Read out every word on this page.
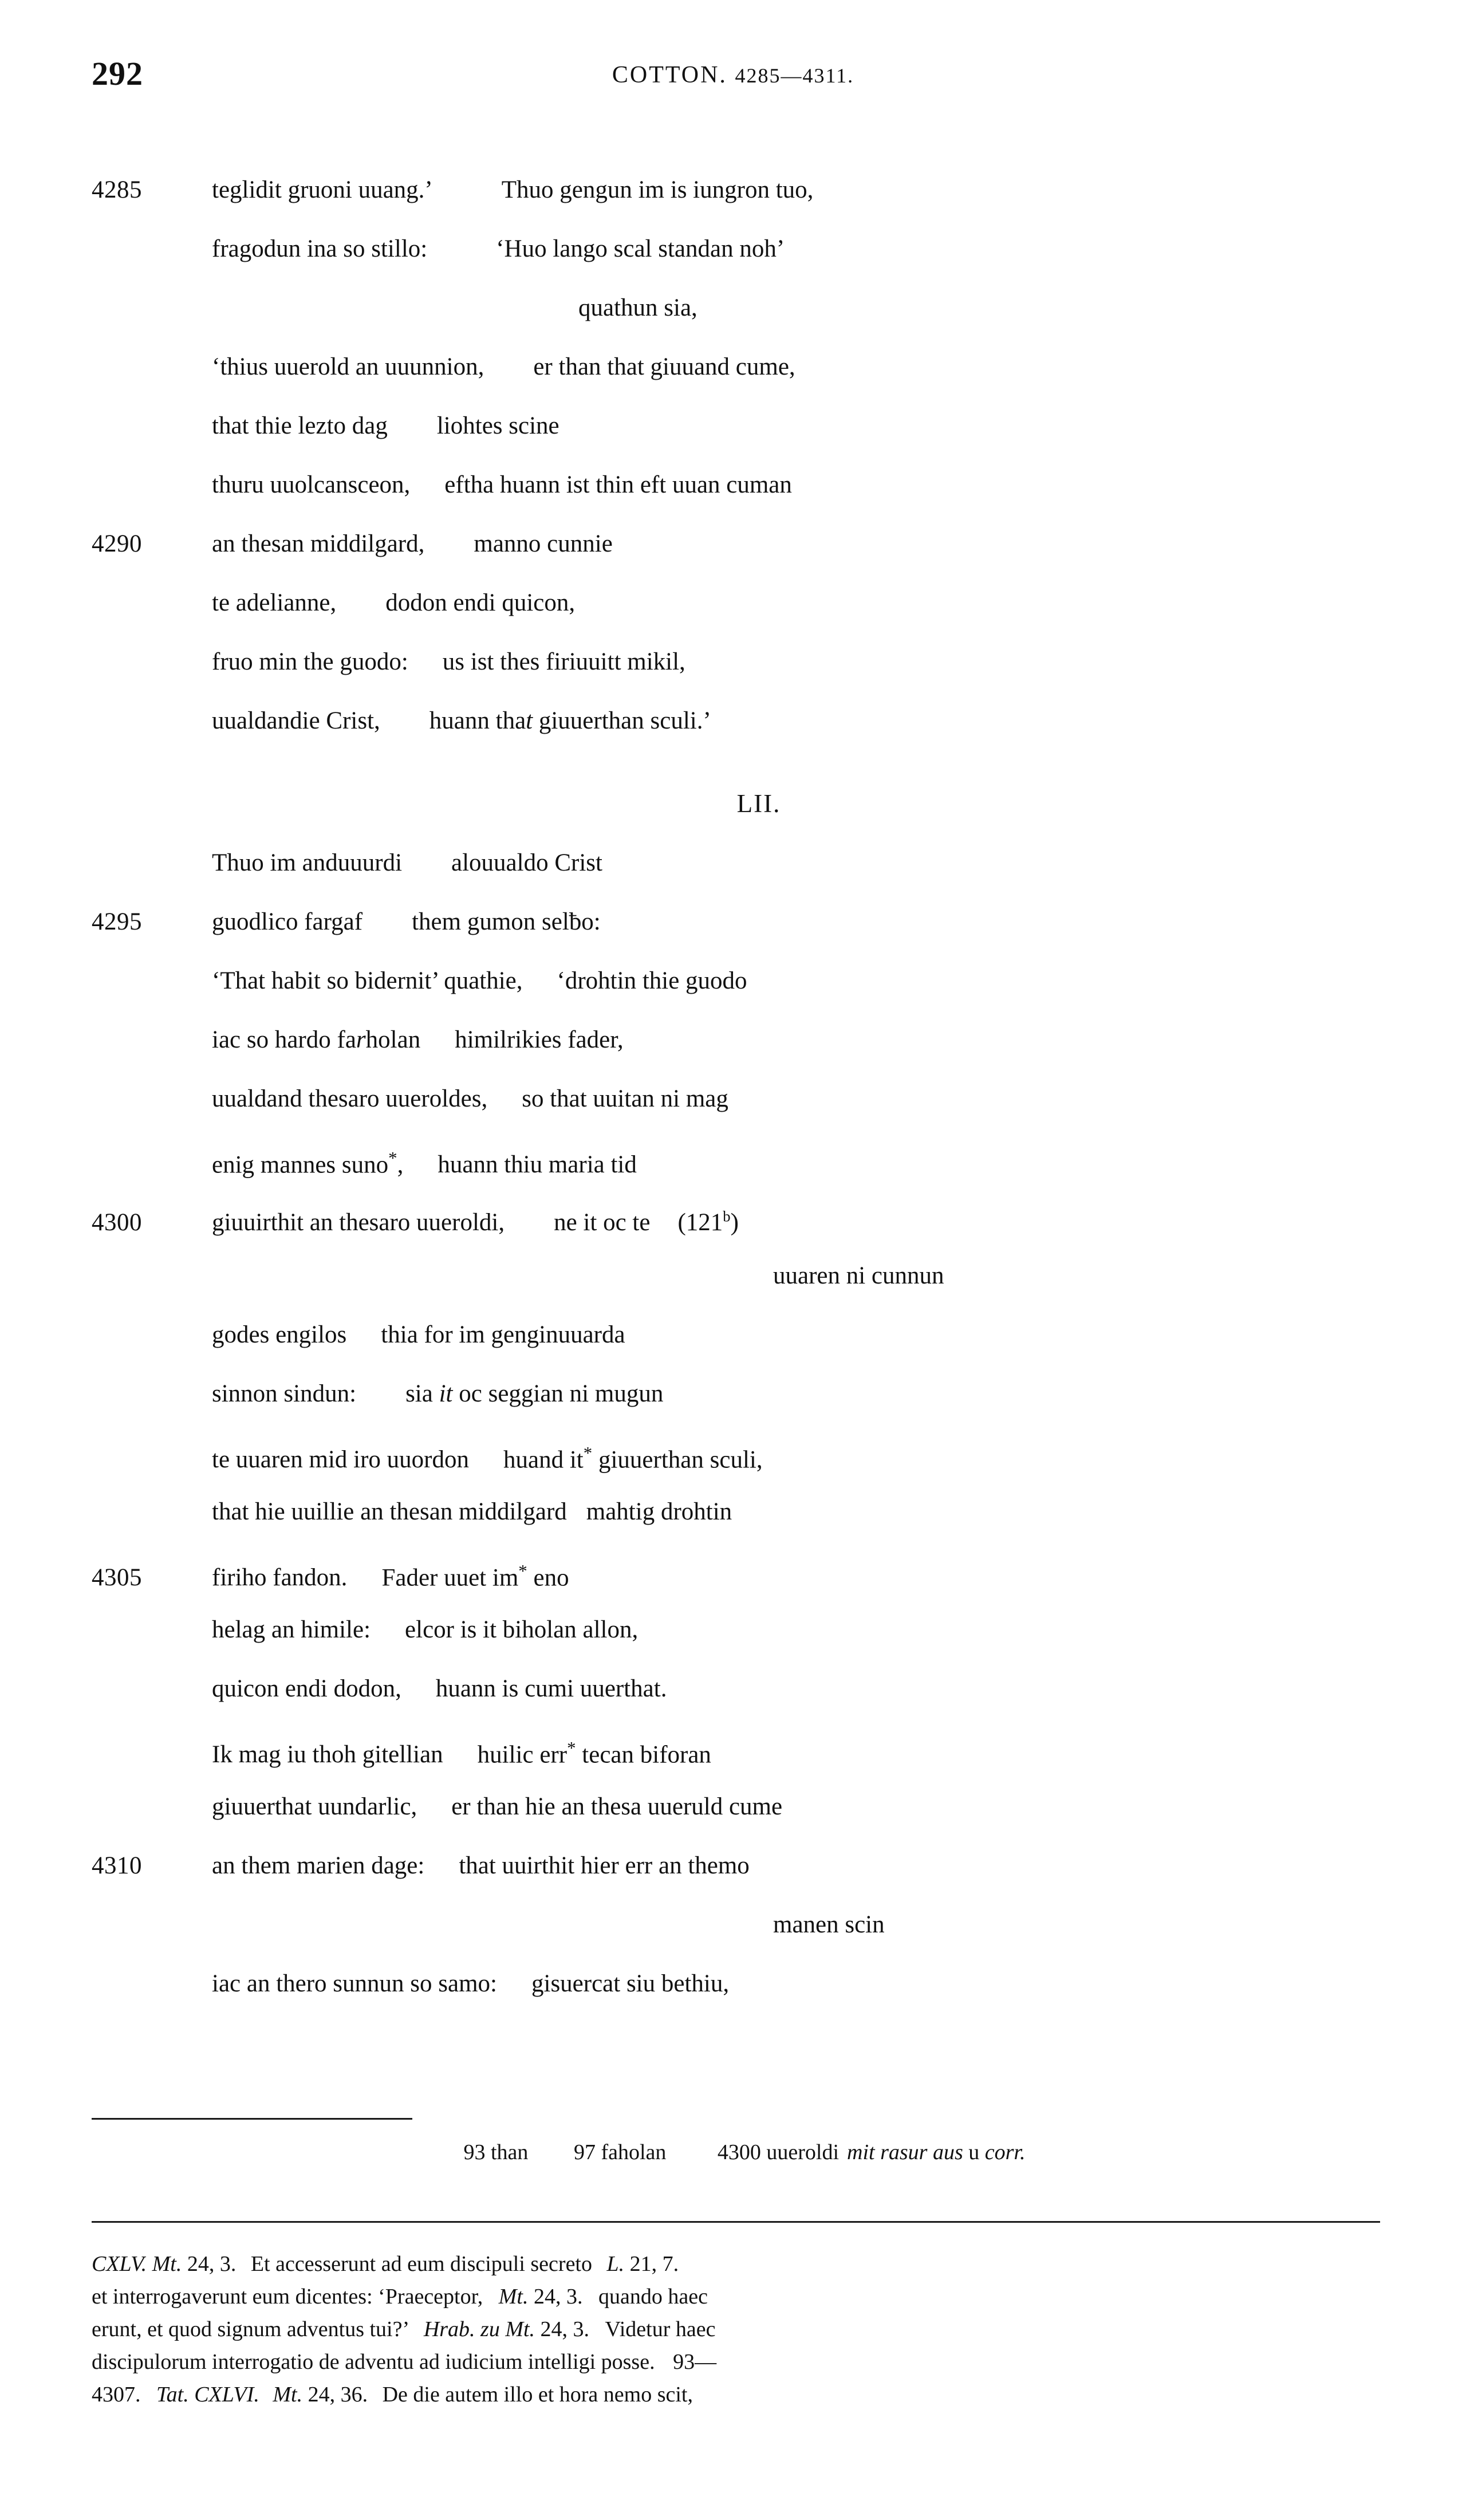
292	COTTON. 4285—4311.
4285	teglidit gruoni uuang.’	Thuo gengun im is iungron tuo,
fragodun ina so stillo:	‘Huo lango scal standan noh’
quathun sia,
‘thius uuerold an uuunnion, er than that giuuand cume,
that thie lezto dag liohtes scine
thuru uuolcansceon, eftha huann ist thin eft uuan cuman
4290	an thesan middilgard, manno cunnie
te adelianne, dodon endi quicon,
fruo min the guodo: us ist thes firiuuitt mikil,
uualdandie Crist, huann that giuuerthan sculi.’
LII.
Thuo im anduuurdi alouualdo Crist
4295	guodlico fargaf them gumon selƀo:
‘That habit so bidernit’ quathie, ‘drohtin thie guodo
iac so hardo farholan himilrikies fader,
uualdand thesaro uueroldes, so that uuitan ni mag
enig mannes suno*, huann thiu maria tid
4300	giuuirthit an thesaro uueroldi, ne it oc te (121$^b$)
uuaren ni cunnun
godes engilos thia for im genginuuarda
sinnon sindun: sia it oc seggian ni mugun
te uuaren mid iro uuordon huand it* giuuerthan sculi,
that hie uuillie an thesan middilgard mahtig drohtin
4305	firiho fandon. Fader uuet im* eno
helag an himile: elcor is it biholan allon,
quicon endi dodon, huann is cumi uuerthat.
Ik mag iu thoh gitellian huilic err* tecan biforan
giuuerthat uundarlic, er than hie an thesa uueruld cume
4310	an them marien dage: that uuirthit hier err an themo
manen scin
iac an thero sunnun so samo: gisuercat siu bethiu,
93 than 97 faholan 4300 uueroldi mit rasur aus u corr.
CXLV. Mt. 24, 3. Et accesserunt ad eum discipuli secreto L. 21, 7.
et interrogaverunt eum dicentes: ‘Praeceptor, Mt. 24, 3. quando haec
erunt, et quod signum adventus tui?’ Hrab. zu Mt. 24, 3. Videtur haec
discipulorum interrogatio de adventu ad iudicium intelligi posse. 93—
4307. Tat. CXLVI. Mt. 24, 36. De die autem illo et hora nemo scit,
